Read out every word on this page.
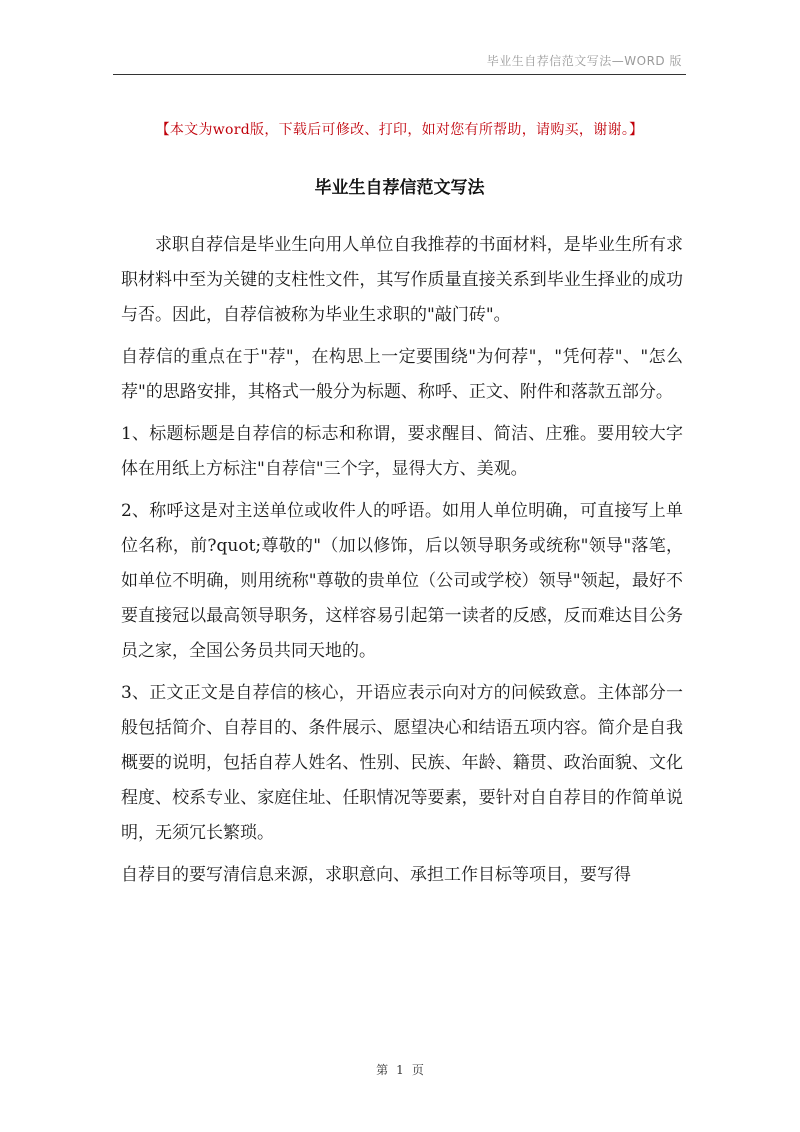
毕业生自荐信范文写法—WORD 版
【本文为word版，下载后可修改、打印，如对您有所帮助，请购买，谢谢。】
毕业生自荐信范文写法

求职自荐信是毕业生向用人单位自我推荐的书面材料，是毕业生所有求职材料中至为关键的支柱性文件，其写作质量直接关系到毕业生择业的成功与否。因此，自荐信被称为毕业生求职的"敲门砖"。

自荐信的重点在于"荐"，在构思上一定要围绕"为何荐"，"凭何荐"、"怎么荐"的思路安排，其格式一般分为标题、称呼、正文、附件和落款五部分。

1、标题标题是自荐信的标志和称谓，要求醒目、简洁、庄雅。要用较大字体在用纸上方标注"自荐信"三个字，显得大方、美观。

2、称呼这是对主送单位或收件人的呼语。如用人单位明确，可直接写上单位名称，前?quot;尊敬的"（加以修饰，后以领导职务或统称"领导"落笔，如单位不明确，则用统称"尊敬的贵单位（公司或学校）领导"领起，最好不要直接冠以最高领导职务，这样容易引起第一读者的反感，反而难达目公务员之家，全国公务员共同天地的。

3、正文正文是自荐信的核心，开语应表示向对方的问候致意。主体部分一般包括简介、自荐目的、条件展示、愿望决心和结语五项内容。简介是自我概要的说明，包括自荐人姓名、性别、民族、年龄、籍贯、政治面貌、文化程度、校系专业、家庭住址、任职情况等要素，要针对自自荐目的作简单说明，无须冗长繁琐。

自荐目的要写清信息来源，求职意向、承担工作目标等项目，要写得

第 1 页
